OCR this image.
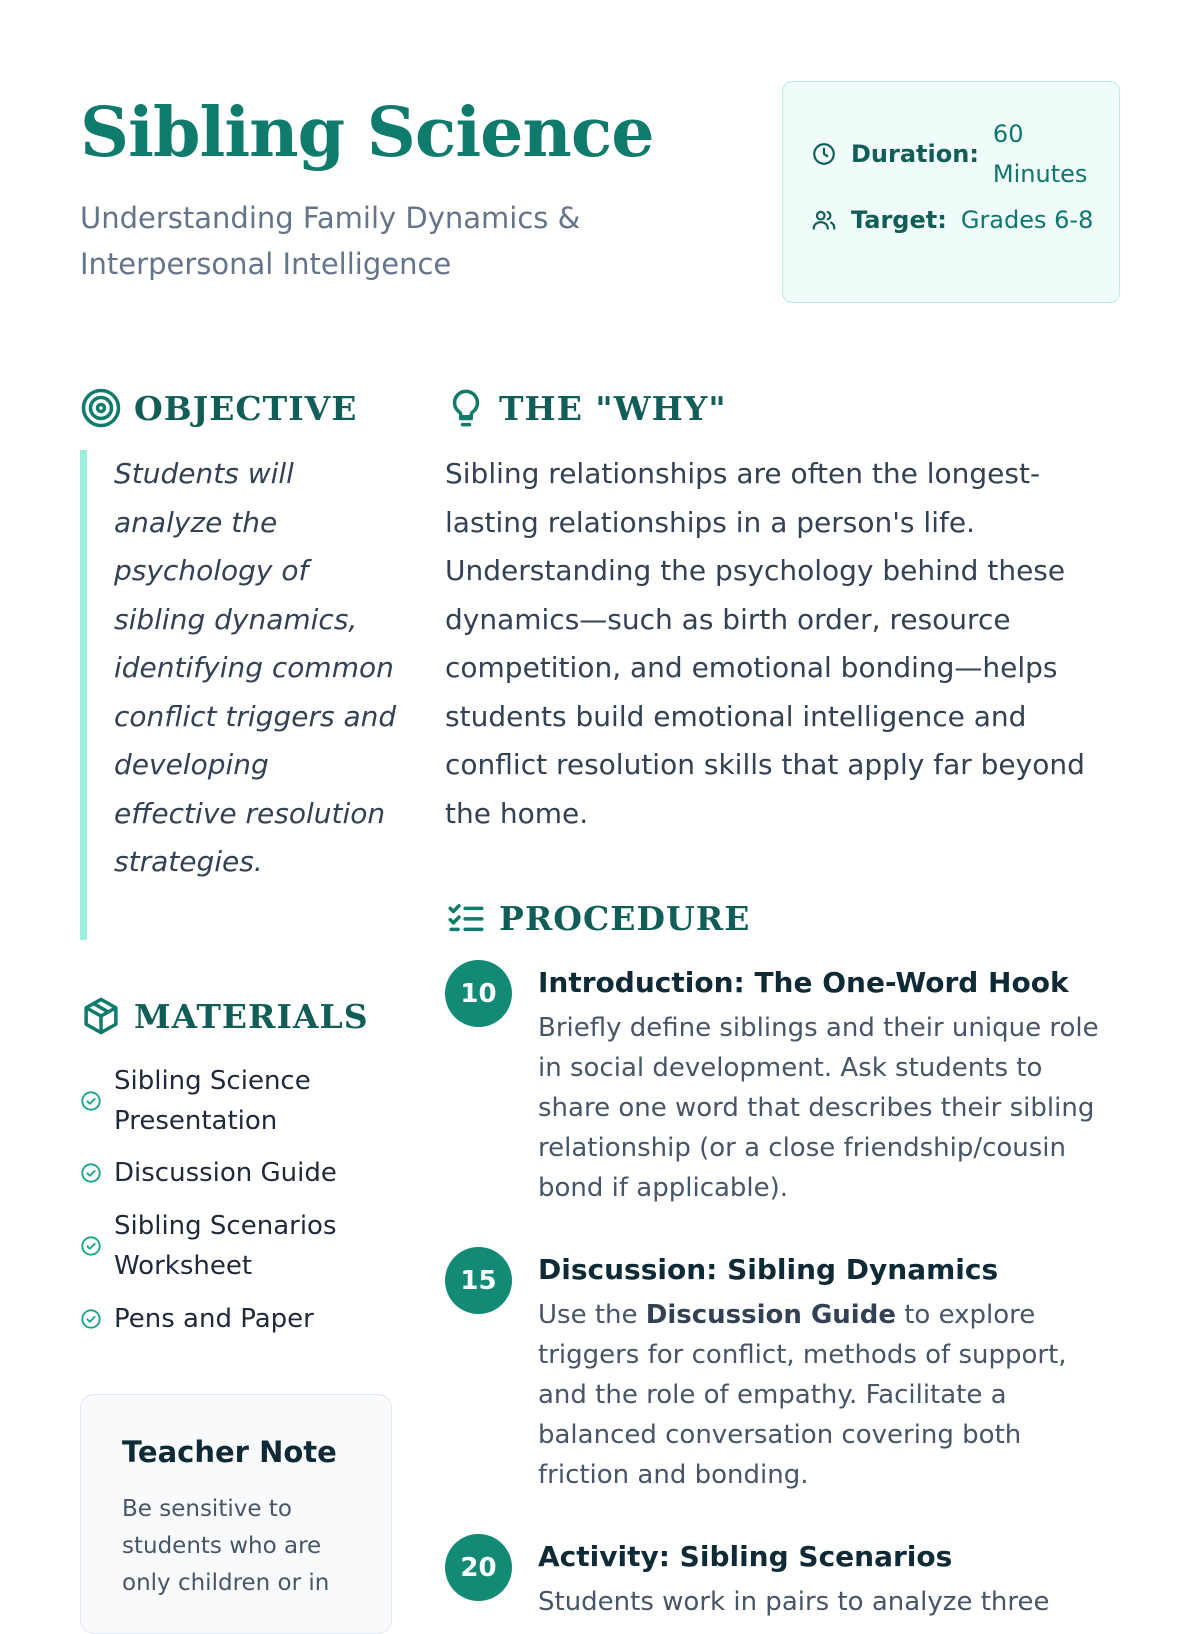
Sibling Science

Understanding Family Dynamics & Interpersonal Intelligence

Duration:
60 Minutes
Target: Grades 6-8
OBJECTIVE
Students will analyze the psychology of sibling dynamics, identifying common conflict triggers and developing effective resolution strategies.
MATERIALS
Sibling Science Presentation
Discussion Guide
Sibling Scenarios Worksheet
Pens and Paper

Teacher Note

Be sensitive to students who are only children or in

THE "WHY"

Sibling relationships are often the longest-lasting relationships in a person's life. Understanding the psychology behind these dynamics—such as birth order, resource competition, and emotional bonding—helps students build emotional intelligence and conflict resolution skills that apply far beyond the home.

PROCEDURE
10	Introduction: The One-Word Hook

Briefly define siblings and their unique role in social development. Ask students to share one word that describes their sibling relationship (or a close friendship/cousin bond if applicable).

15	Discussion: Sibling Dynamics

Use the Discussion Guide to explore triggers for conflict, methods of support, and the role of empathy. Facilitate a balanced conversation covering both friction and bonding.

20	Activity: Sibling Scenarios

Students work in pairs to analyze three
